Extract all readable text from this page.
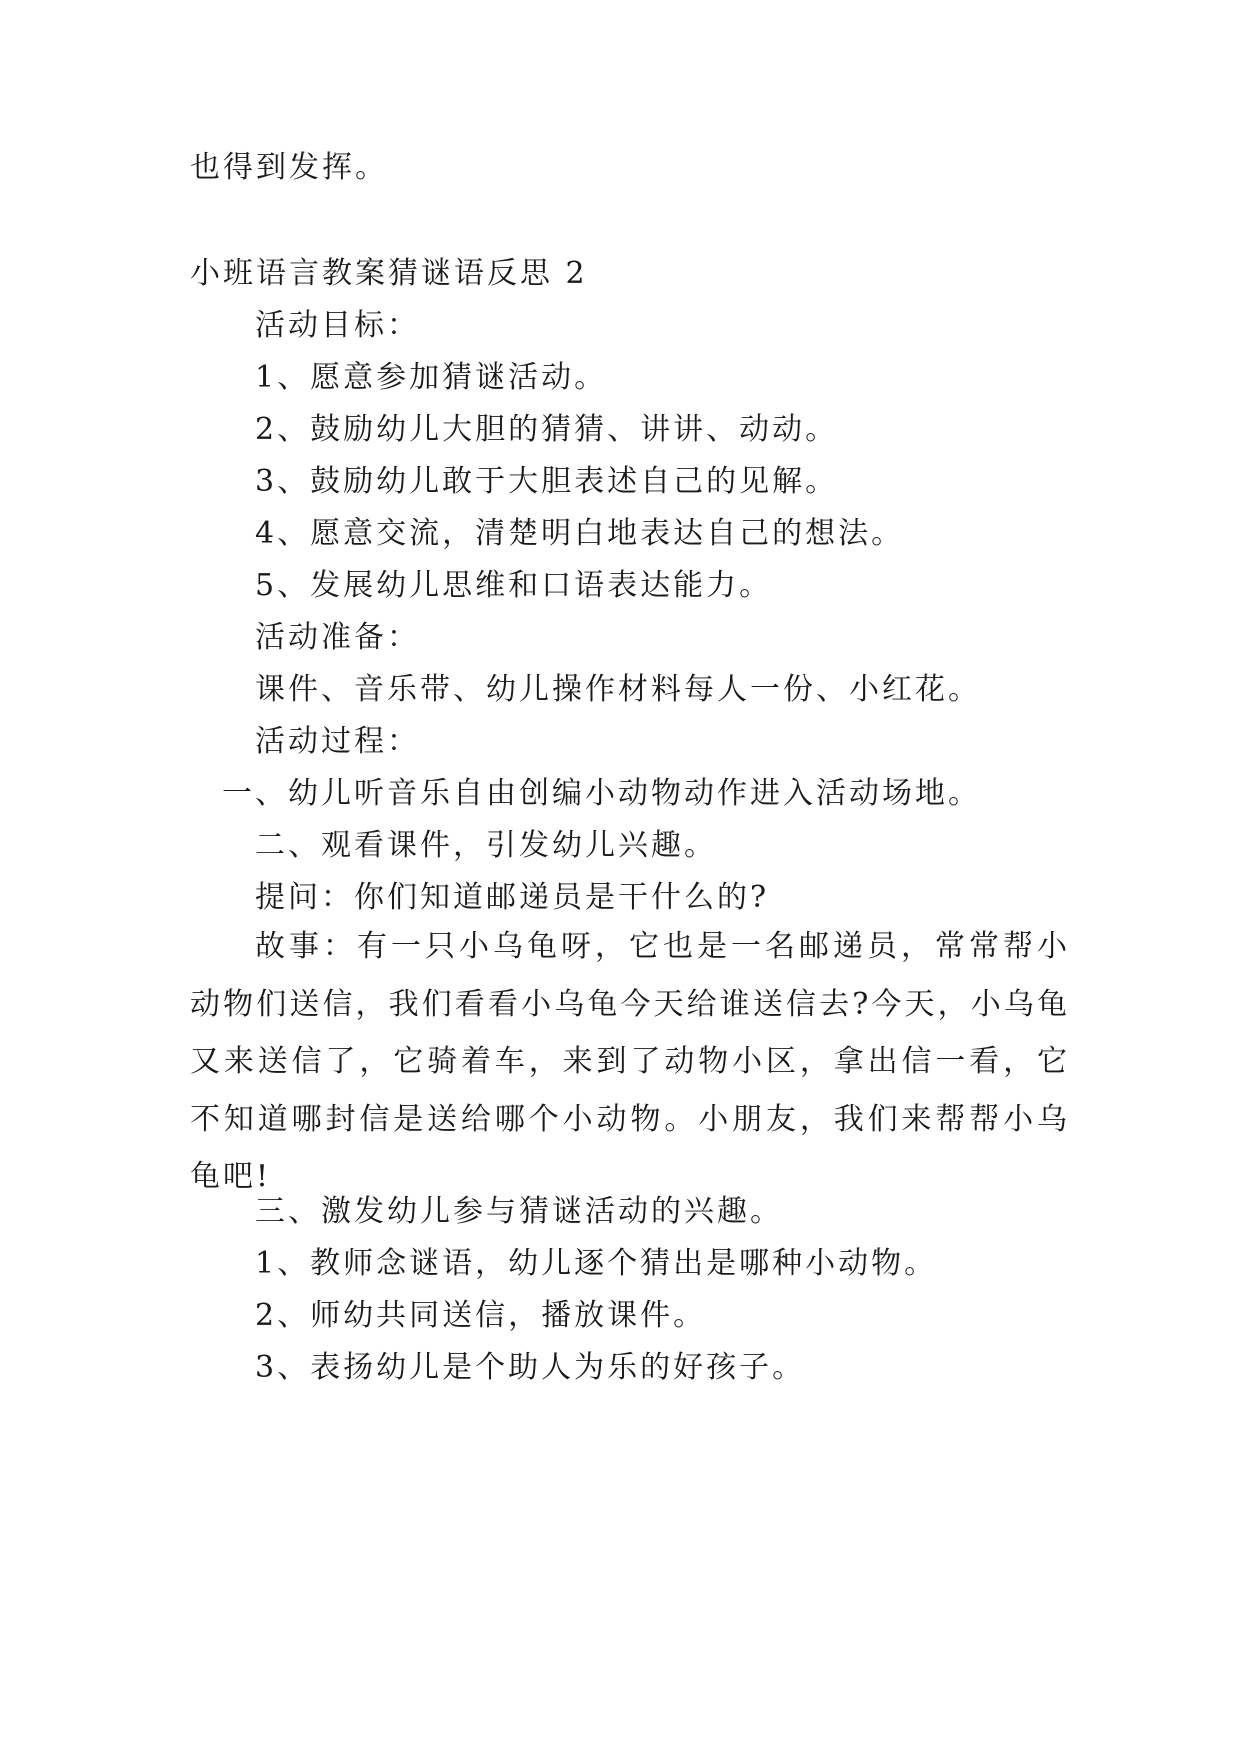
也得到发挥。
小班语言教案猜谜语反思 2
活动目标：
1、愿意参加猜谜活动。
2、鼓励幼儿大胆的猜猜、讲讲、动动。
3、鼓励幼儿敢于大胆表述自己的见解。
4、愿意交流，清楚明白地表达自己的想法。
5、发展幼儿思维和口语表达能力。
活动准备：
课件、音乐带、幼儿操作材料每人一份、小红花。
活动过程：
一、幼儿听音乐自由创编小动物动作进入活动场地。
二、观看课件，引发幼儿兴趣。
提问：你们知道邮递员是干什么的?
故事：有一只小乌龟呀，它也是一名邮递员，常常帮小动物们送信，我们看看小乌龟今天给谁送信去?今天，小乌龟又来送信了，它骑着车，来到了动物小区，拿出信一看，它不知道哪封信是送给哪个小动物。小朋友，我们来帮帮小乌龟吧!
三、激发幼儿参与猜谜活动的兴趣。
1、教师念谜语，幼儿逐个猜出是哪种小动物。
2、师幼共同送信，播放课件。
3、表扬幼儿是个助人为乐的好孩子。
